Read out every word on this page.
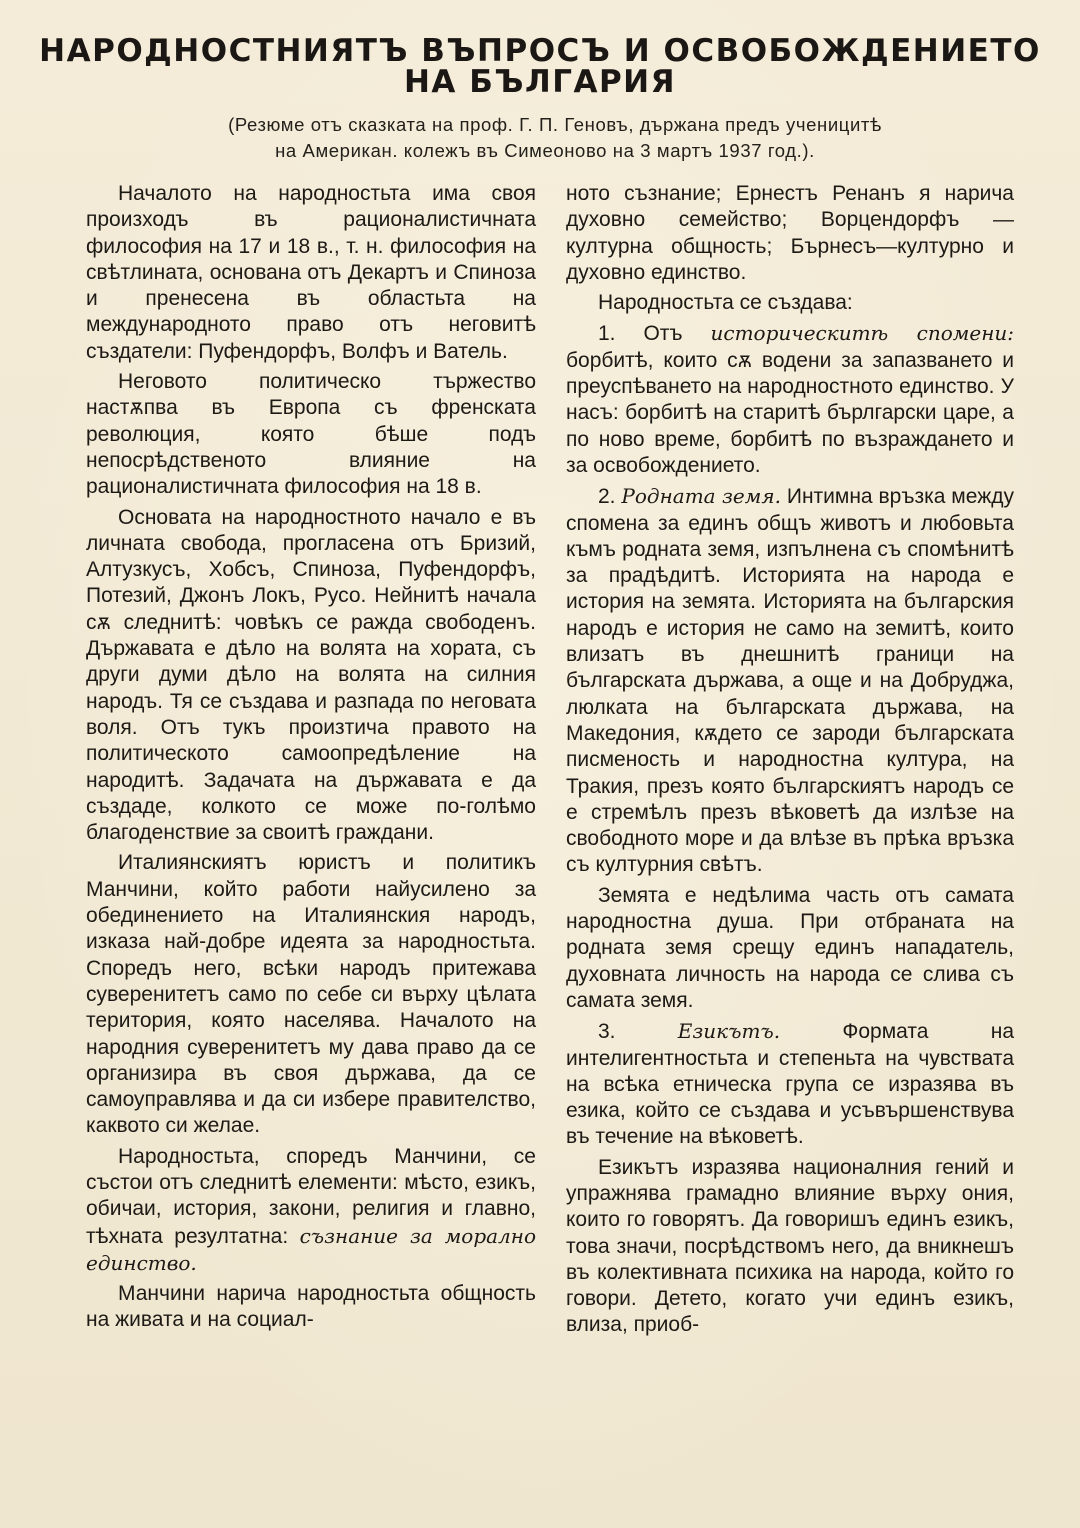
НАРОДНОСТНИЯТЪ ВЪПРОСЪ И ОСВОБОЖДЕНИЕТО
НА БЪЛГАРИЯ
(Резюме отъ сказката на проф. Г. П. Геновъ, държана предъ ученицитѣ
на Американ. колежъ въ Симеоново на 3 мартъ 1937 год.).

Началото на народностьта има своя произходъ въ рационалистичната философия на 17 и 18 в., т. н. философия на свѣтлината, основана отъ Декартъ и Спиноза и пренесена въ областьта на международното право отъ неговитѣ създатели: Пуфендорфъ, Волфъ и Ватель.

Неговото политическо тържество настѫпва въ Европа съ френската революция, която бѣше подъ непосрѣдственото влияние на рационалистичната философия на 18 в.

Основата на народностното начало е въ личната свобода, прогласена отъ Бризий, Алтузкусъ, Хобсъ, Спиноза, Пуфендорфъ, Потезий, Джонъ Локъ, Русо. Нейнитѣ начала сѫ следнитѣ: човѣкъ се ражда свободенъ. Държавата е дѣло на волята на хората, съ други думи дѣло на волята на силния народъ. Тя се създава и разпада по неговата воля. Отъ тукъ произтича правото на политическото самоопредѣление на народитѣ. Задачата на държавата е да създаде, колкото се може по-голѣмо благоденствие за своитѣ граждани.

Италиянскиятъ юристъ и политикъ Манчини, който работи найусилено за обединението на Италиянския народъ, изказа най-добре идеята за народностьта. Споредъ него, всѣки народъ притежава суверенитетъ само по себе си върху цѣлата територия, която населява. Началото на народния суверенитетъ му дава право да се организира въ своя държава, да се самоуправлява и да си избере правителство, каквото си желае.

Народностьта, споредъ Манчини, се състои отъ следнитѣ елементи: мѣсто, езикъ, обичаи, история, закони, религия и главно, тѣхната резултатна: съзнание за морално единство.

Манчини нарича народностьта общность на живата и на социал-

ното съзнание; Ернестъ Ренанъ я нарича духовно семейство; Ворцендорфъ — културна общность; Бърнесъ—културно и духовно единство.

Народностьта се създава:

1. Отъ историческитѣ спомени: борбитѣ, които сѫ водени за запазването и преуспѣването на народностното единство. У насъ: борбитѣ на старитѣ бърлгарски царе, а по ново време, борбитѣ по възраждането и за освобождението.

2. Родната земя. Интимна връзка между спомена за единъ общъ животъ и любовьта къмъ родната земя, изпълнена съ спомѣнитѣ за прадѣдитѣ. Историята на народа е история на земята. Историята на българския народъ е история не само на земитѣ, които влизатъ въ днешнитѣ граници на българската държава, а още и на Добруджа, люлката на българската държава, на Македония, кѫдето се зароди българската писменость и народностна култура, на Тракия, презъ която българскиятъ народъ се е стремѣлъ презъ вѣковетѣ да излѣзе на свободното море и да влѣзе въ прѣка връзка съ културния свѣтъ.

Земята е недѣлима часть отъ самата народностна душа. При отбраната на родната земя срещу единъ нападатель, духовната личность на народа се слива съ самата земя.

3.	Езикътъ.	Формата на интелигентностьта и степеньта на чувствата на всѣка етническа група се изразява въ езика, който се създава и усъвършенствува въ течение на вѣковетѣ.

Езикътъ изразява националния гений и упражнява грамадно влияние върху ония, които го говорятъ. Да говоришъ единъ езикъ, това значи, посрѣдствомъ него, да вникнешъ въ колективната психика на народа, който го говори. Детето, когато учи единъ езикъ, влиза, приоб-
